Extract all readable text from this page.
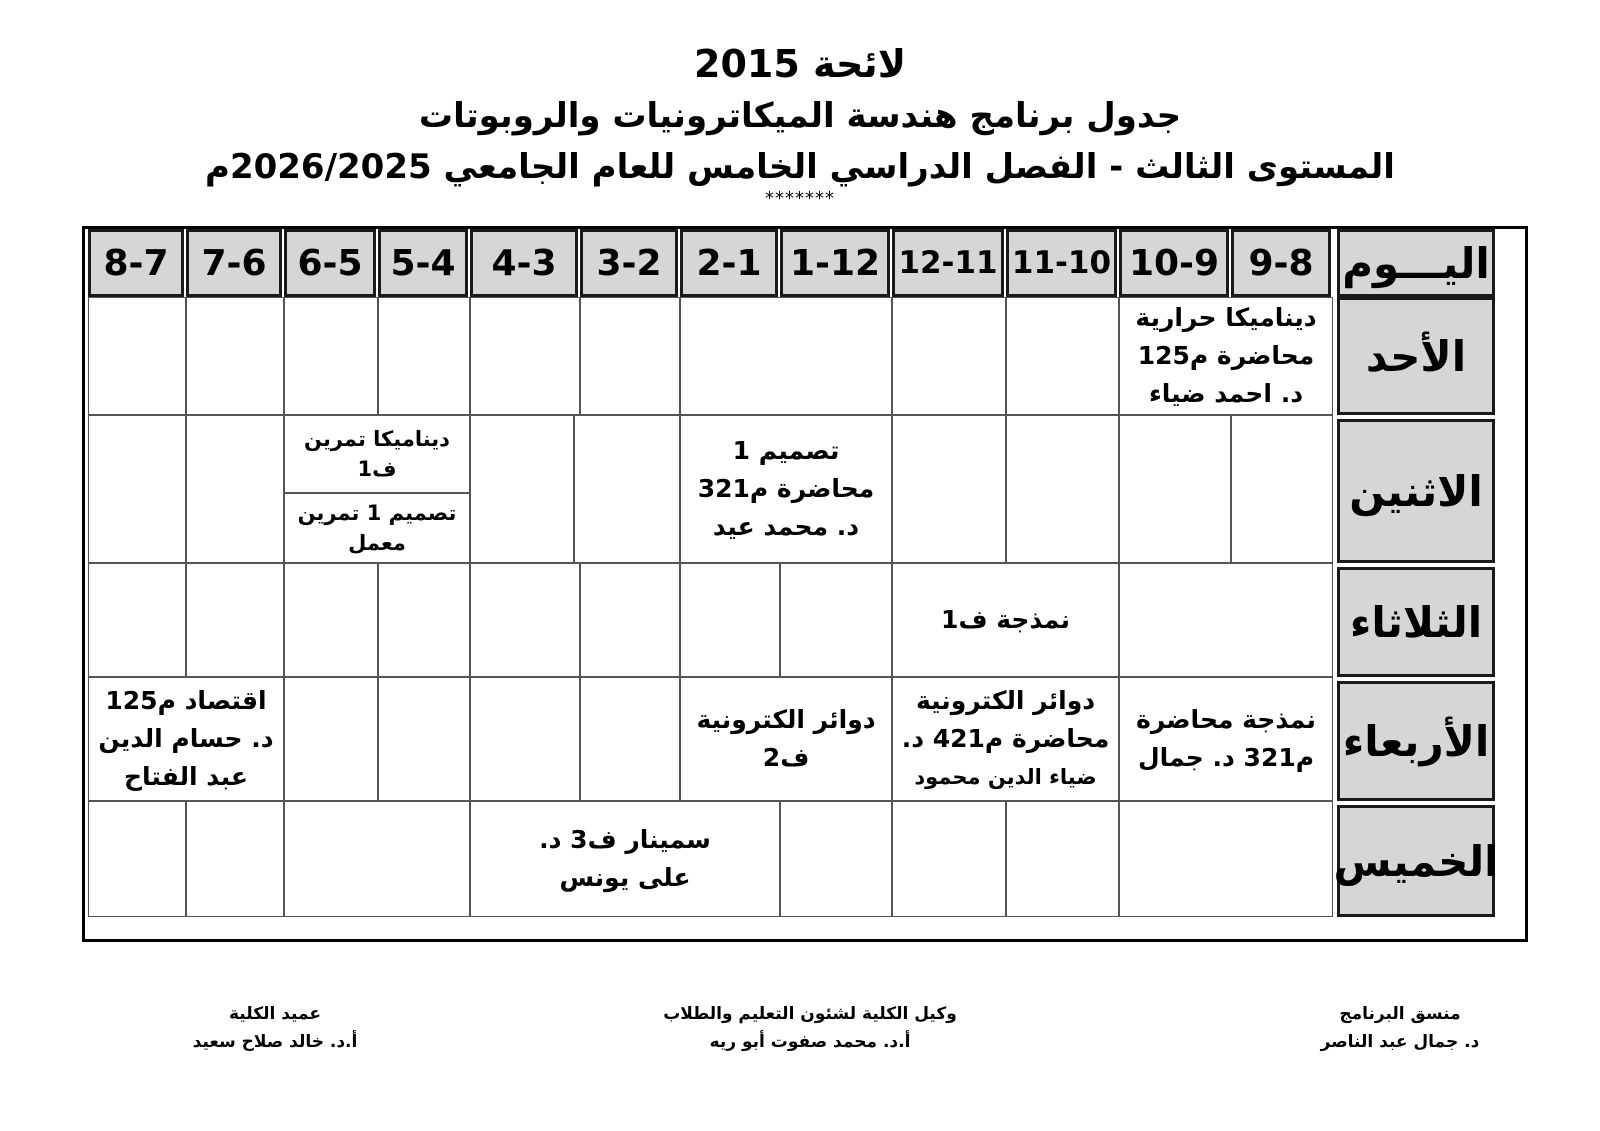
لائحة 2015
جدول برنامج هندسة الميكاترونيات والروبوتات
المستوى الثالث - الفصل الدراسي الخامس للعام الجامعي 2026/2025م
*******
اليـــوم
9-8
10-9
11-10
12-11
1-12
2-1
3-2
4-3
5-4
6-5
7-6
8-7
الأحد
الاثنين
الثلاثاء
الأربعاء
الخميس
ديناميكا حرارية
محاضرة م125
د. احمد ضياء
تصميم 1
محاضرة م321
د. محمد عيد
ديناميكا تمرين
ف1
تصميم 1 تمرين
معمل
نمذجة ف1
نمذجة محاضرة
م321 د. جمال
دوائر الكترونية
محاضرة م421 د.
ضياء الدين محمود
دوائر الكترونية
ف2
اقتصاد م125
د. حسام الدين
عبد الفتاح
سمينار ف3 د.
على يونس
منسق البرنامج
د. جمال عبد الناصر
وكيل الكلية لشئون التعليم والطلاب
أ.د. محمد صفوت أبو ريه
عميد الكلية
أ.د. خالد صلاح سعيد
